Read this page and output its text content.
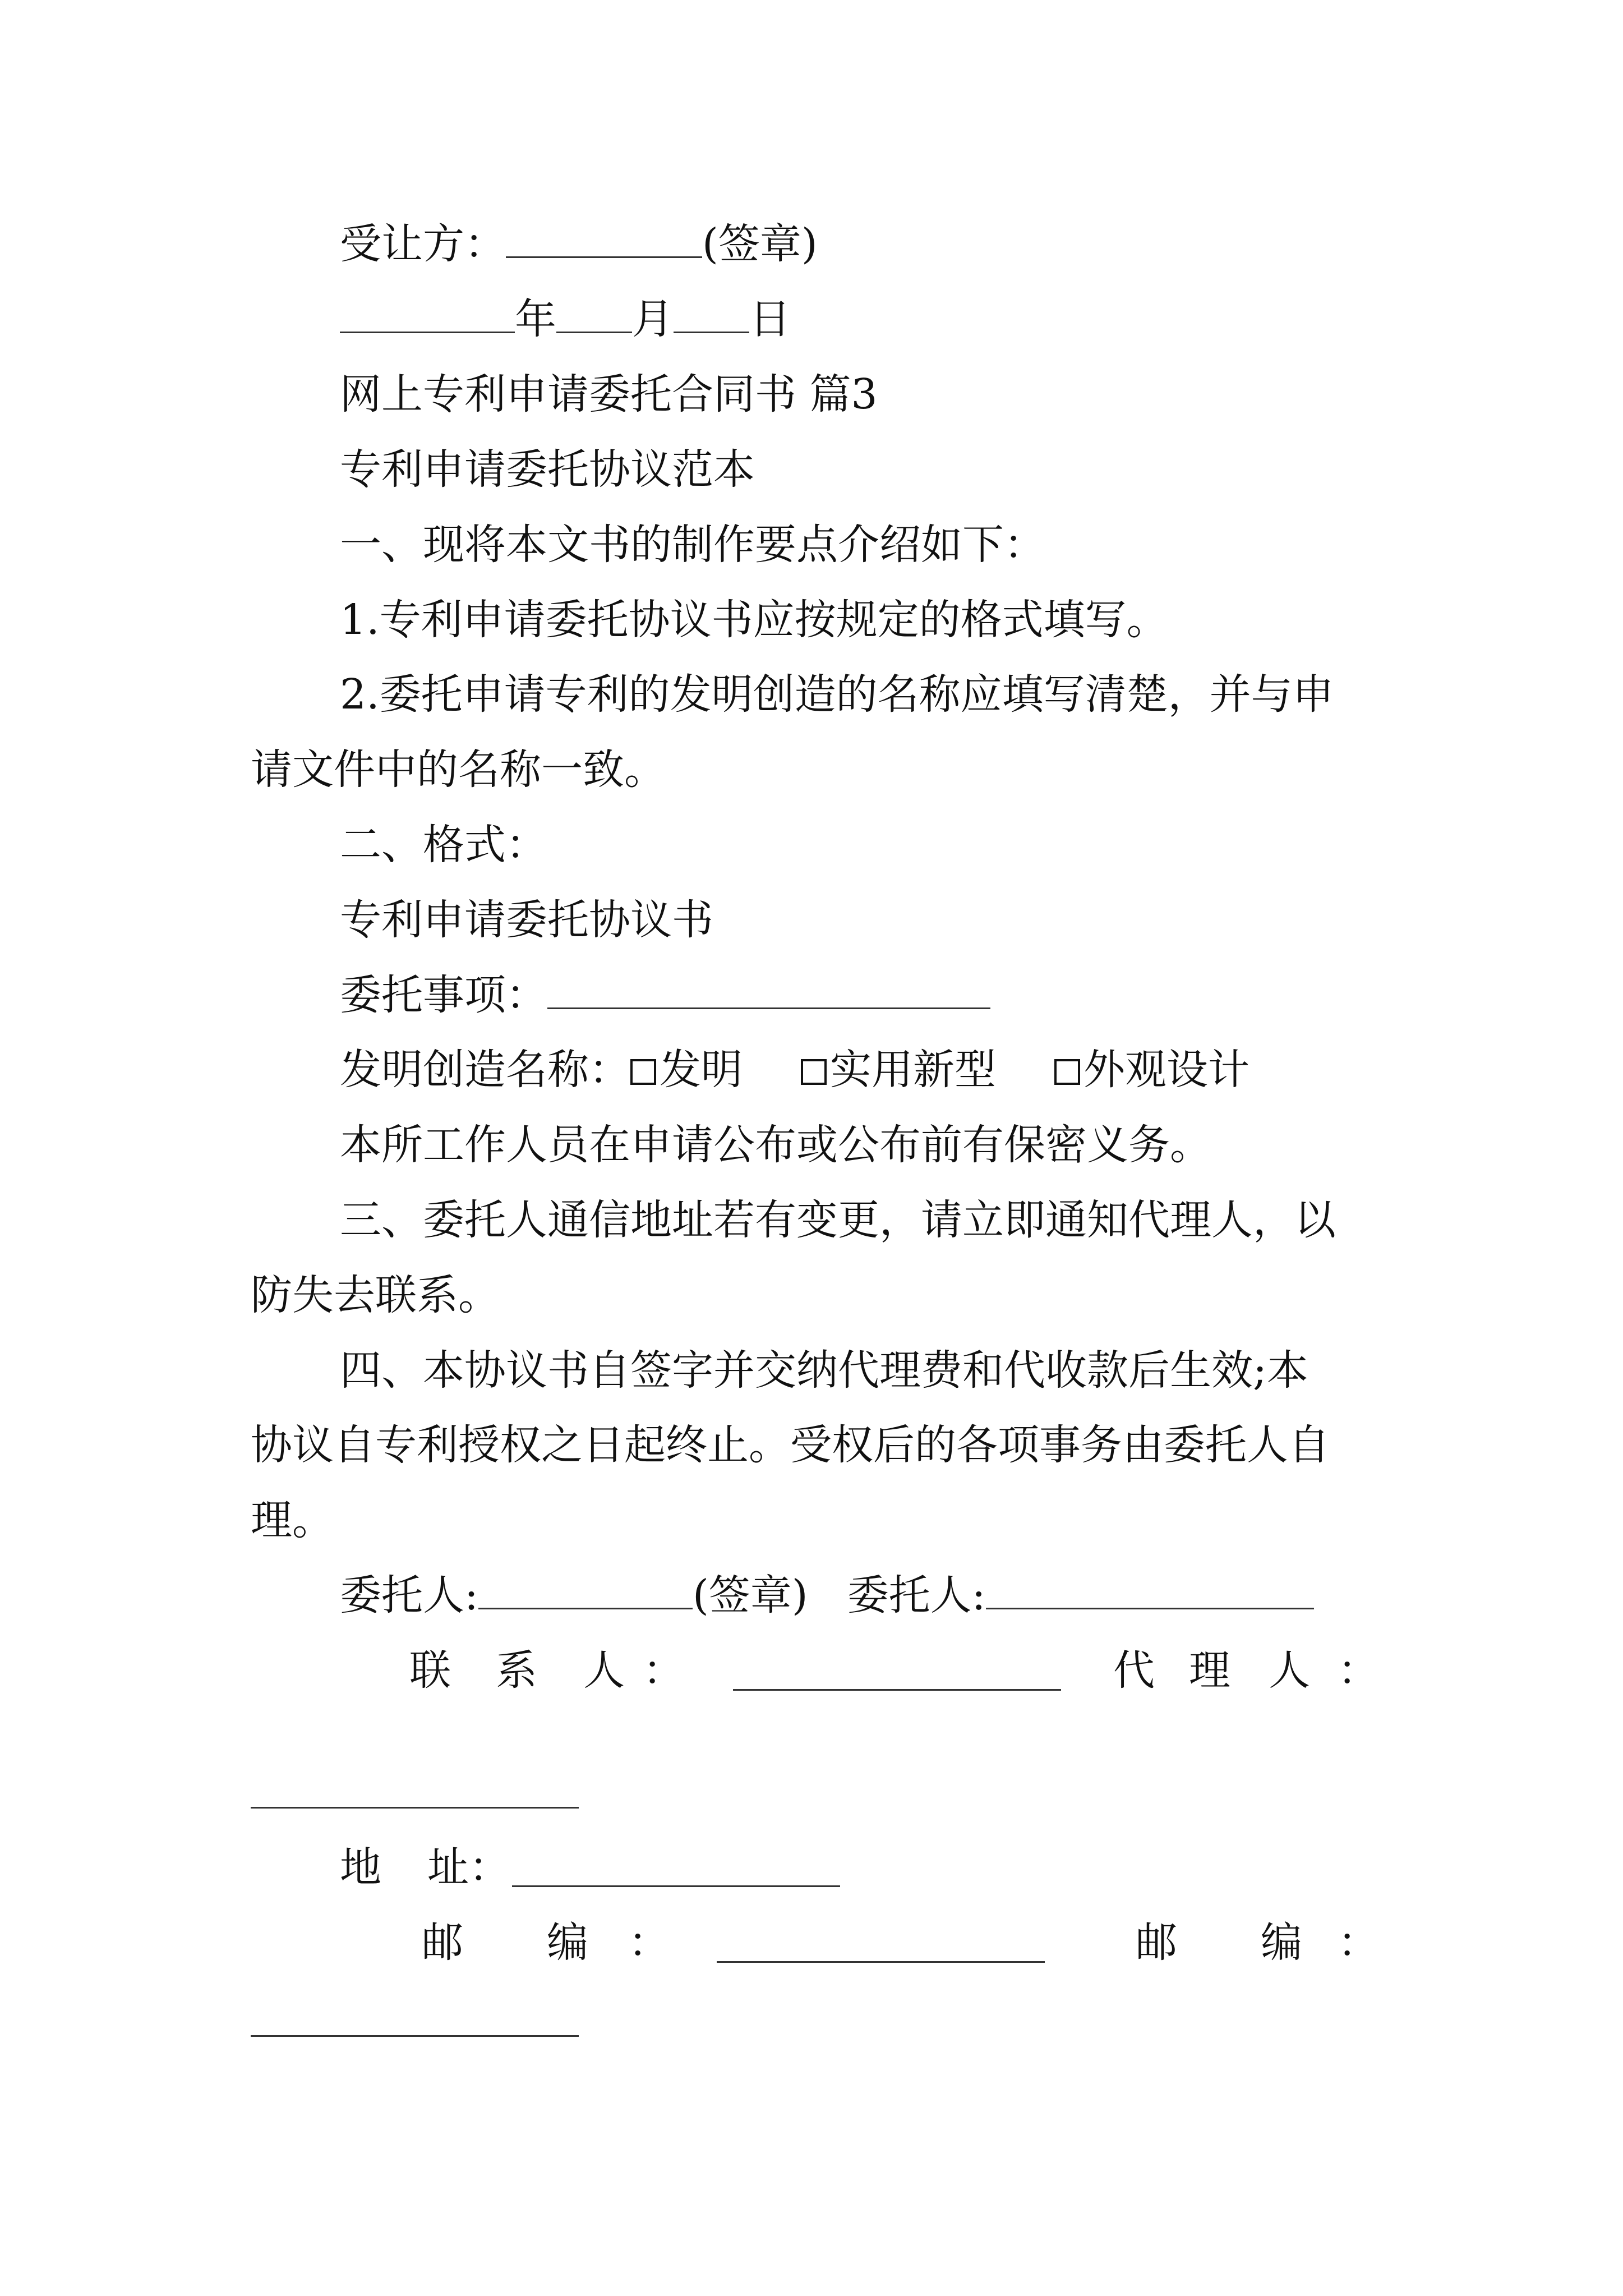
受让方：	(签章)
年 月 日
网上专利申请委托合同书 篇3
专利申请委托协议范本
一、现将本文书的制作要点介绍如下：
1.专利申请委托协议书应按规定的格式填写。
2.委托申请专利的发明创造的名称应填写清楚，并与申
请文件中的名称一致。
二、格式：
专利申请委托协议书
委托事项：
发明创造名称： 发明 实用新型 外观设计
本所工作人员在申请公布或公布前有保密义务。
三、委托人通信地址若有变更，请立即通知代理人，以
防失去联系。
四、本协议书自签字并交纳代理费和代收款后生效;本
协议自专利授权之日起终止。受权后的各项事务由委托人自
理。
委托人:	(签章) 委托人:
联 系 人 ：	代 理 人 ：
地 址：
邮 编 ：	邮 编 ：
